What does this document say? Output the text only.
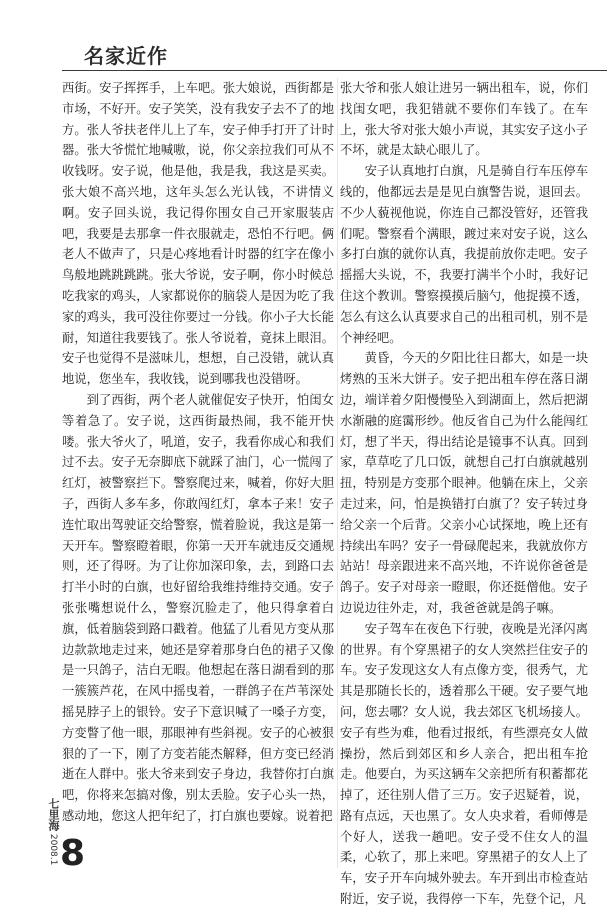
名家近作

西街。安子挥挥手，上车吧。张大娘说，西街都是市场，不好开。安子笑笑，没有我安子去不了的地方。张人爷扶老伴儿上了车，安子伸手打开了计时器。张大爷慌忙地喊嗷，说，你父亲拉我们可从不收钱呀。安子说，他是他，我是我，我这是买卖。张大娘不高兴地，这年头怎么光认钱，不讲情义啊。安子回头说，我记得你围女自己开家服装店吧，我要是去那拿一件衣服就走，恐怕不行吧。俩老人不做声了，只是心疼地看计时器的红字在像小鸟般地跳跳跳跳。张大爷说，安子啊，你小时候总吃我家的鸡头，人家都说你的脑袋人是因为吃了我家的鸡头，我可没往你要过一分钱。你小子大长能耐，知道往我要钱了。张人爷说着，竟抹上眼泪。安子也觉得不是滋味儿，想想，自己没错，就认真地说，您坐车，我收钱，说到哪我也没错呀。

到了西街，两个老人就催促安子快开，怕闺女等着急了。安子说，这西街最热闹，我不能开快喽。张大爷火了，吼道，安子，我看你成心和我们过不去。安子无奈脚底下就踩了油门，心一慌闯了红灯，被警察拦下。警察爬过来，喊着，你好大胆子，西街人多车多，你敢闯红灯，拿本子来！安子连忙取出驾驶证交给警察，慌着脸说，我这是第一天开车。警察瞪着眼，你第一天开车就违反交通规则，还了得呀。为了让你加深印象，去，到路口去打半小时的白旗，也好留给我维持维持交通。安子张张嘴想说什么，警察沉脸走了，他只得拿着白旗，低着脑袋到路口戳着。他猛了儿看见方变从那边款款地走过来，她还是穿着那身白色的裙子又像是一只鸽子，洁白无暇。他想起在落日湖看到的那一簇簇芦花，在风中摇曳着，一群鸽子在芦苇深处摇晃脖子上的银铃。安子下意识喊了一嗓子方变，方变瞥了他一眼，那眼神有些斜视。安子的心被狠狠的了一下，刚了方变若能杰解释，但方变已经消逝在人群中。张大爷来到安子身边，我替你打白旗吧，你将来怎搞对像，别太丢脸。安子心头一热，感动地，您这人把年纪了，打白旗也要嫁。说着把

张大爷和张人娘让进另一辆出租车，说，你们找闺女吧，我犯错就不要你们车钱了。在车上，张大爷对张大娘小声说，其实安子这小子不坏，就是太缺心眼儿了。

安子认真地打白旗，凡是骑自行车压停车线的，他都远去是是见白旗警告说，退回去。不少人藐视他说，你连自己都没管好，还管我们呢。警察看个满眼，踱过来对安子说，这么多打白旗的就你认真，我提前放你走吧。安子摇摇大头说，不，我要打满半个小时，我好记住这个教训。警察摸摸后脑勺，他捉摸不透，怎么有这么认真要求自己的出租司机，别不是个神经吧。

黄昏，今天的夕阳比往日都大，如是一块烤熟的玉米大饼子。安子把出租车停在落日湖边，端详着夕阳慢慢坠入到湖面上，然后把湖水渐融的庭霭形纱。他反省自己为什么能闯红灯，想了半天，得出结论是镜事不认真。回到家，草草吃了几口饭，就想自己打白旗就越别扭，特别是方变那个眼神。他躺在床上，父亲走过来，问，怕是换错打白旗了？安子转过身给父亲一个后背。父亲小心试探地，晚上还有持续出车吗？安子一骨碌爬起来，我就放你方站站！母亲跟进来不高兴地，不许说你爸爸是鸽子。安子对母亲一瞪眼，你还挺僧他。安子边说边往外走，对，我爸爸就是鸽子嘛。

安子驾车在夜色下行驶，夜晚是光泽闪离的世界。有个穿黑裙子的女人突然拦住安子的车。安子发现这女人有点像方变，很秀气，尤其是那随长长的，透着那么干硬。安子要气地问，您去哪？女人说，我去郊区飞机场接人。安子有些为难，他看过报纸，有些漂亮女人做操扮，然后到郊区和乡人亲合，把出租车抢走。他要白，为买这辆车父亲把所有积蓄都花掉了，还往别人借了三万。安子迟疑着，说，路有点远，天也黑了。女人央求着，看师傅是个好人，送我一趟吧。安子受不住女人的温柔，心软了，那上来吧。穿黑裙子的女人上了车，安子开车向城外驶去。车开到出市检查站附近，安子说，我得停一下车，先登个记，凡

七里海 2008.1 8
